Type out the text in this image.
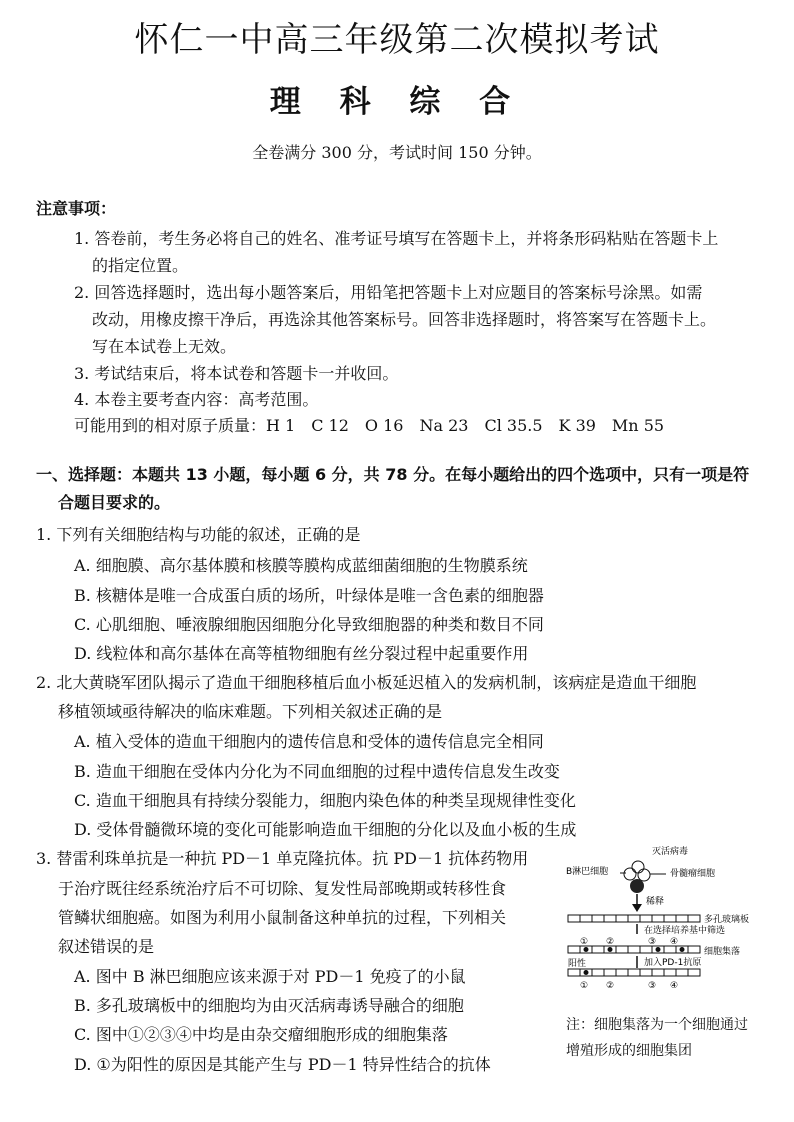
怀仁一中高三年级第二次模拟考试
理 科 综 合
全卷满分 300 分，考试时间 150 分钟。
注意事项：
1. 答卷前，考生务必将自己的姓名、准考证号填写在答题卡上，并将条形码粘贴在答题卡上
的指定位置。
2. 回答选择题时，选出每小题答案后，用铅笔把答题卡上对应题目的答案标号涂黑。如需
改动，用橡皮擦干净后，再选涂其他答案标号。回答非选择题时，将答案写在答题卡上。
写在本试卷上无效。
3. 考试结束后，将本试卷和答题卡一并收回。
4. 本卷主要考查内容：高考范围。
可能用到的相对原子质量：H 1　C 12　O 16　Na 23　Cl 35.5　K 39　Mn 55
一、选择题：本题共 13 小题，每小题 6 分，共 78 分。在每小题给出的四个选项中，只有一项是符
合题目要求的。
1. 下列有关细胞结构与功能的叙述，正确的是
A. 细胞膜、高尔基体膜和核膜等膜构成蓝细菌细胞的生物膜系统
B. 核糖体是唯一合成蛋白质的场所，叶绿体是唯一含色素的细胞器
C. 心肌细胞、唾液腺细胞因细胞分化导致细胞器的种类和数目不同
D. 线粒体和高尔基体在高等植物细胞有丝分裂过程中起重要作用
2. 北大黄晓军团队揭示了造血干细胞移植后血小板延迟植入的发病机制，该病症是造血干细胞
移植领域亟待解决的临床难题。下列相关叙述正确的是
A. 植入受体的造血干细胞内的遗传信息和受体的遗传信息完全相同
B. 造血干细胞在受体内分化为不同血细胞的过程中遗传信息发生改变
C. 造血干细胞具有持续分裂能力，细胞内染色体的种类呈现规律性变化
D. 受体骨髓微环境的变化可能影响造血干细胞的分化以及血小板的生成
3. 替雷利珠单抗是一种抗 PD－1 单克隆抗体。抗 PD－1 抗体药物用
于治疗既往经系统治疗后不可切除、复发性局部晚期或转移性食
管鳞状细胞癌。如图为利用小鼠制备这种单抗的过程，下列相关
叙述错误的是
A. 图中 B 淋巴细胞应该来源于对 PD－1 免疫了的小鼠
B. 多孔玻璃板中的细胞均为由灭活病毒诱导融合的细胞
C. 图中①②③④中均是由杂交瘤细胞形成的细胞集落
D. ①为阳性的原因是其能产生与 PD－1 特异性结合的抗体
灭活病毒
B淋巴细胞	骨髓瘤细胞
稀释
多孔玻璃板
在选择培养基中筛选
① ②	③ ④
细胞集落
阳性	加入PD-1抗原
① ②	③ ④
注：细胞集落为一个细胞通过
增殖形成的细胞集团
